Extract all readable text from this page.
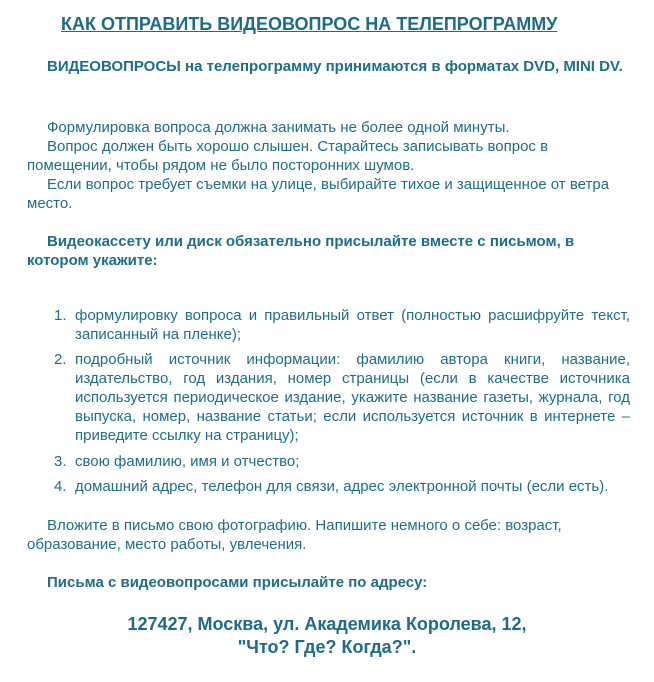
КАК ОТПРАВИТЬ ВИДЕОВОПРОС НА ТЕЛЕПРОГРАММУ
ВИДЕОВОПРОСЫ на телепрограмму принимаются в форматах DVD, MINI DV.
Формулировка вопроса должна занимать не более одной минуты.
Вопрос должен быть хорошо слышен. Старайтесь записывать вопрос в помещении, чтобы рядом не было посторонних шумов.
Если вопрос требует съемки на улице, выбирайте тихое и защищенное от ветра место.
Видеокассету или диск обязательно присылайте вместе с письмом, в котором укажите:
1. формулировку вопроса и правильный ответ (полностью расшифруйте текст, записанный на пленке);
2. подробный источник информации: фамилию автора книги, название, издательство, год издания, номер страницы (если в качестве источника используется периодическое издание, укажите название газеты, журнала, год выпуска, номер, название статьи; если используется источник в интернете – приведите ссылку на страницу);
3. свою фамилию, имя и отчество;
4. домашний адрес, телефон для связи, адрес электронной почты (если есть).
Вложите в письмо свою фотографию. Напишите немного о себе: возраст, образование, место работы, увлечения.
Письма с видеовопросами присылайте по адресу:
127427, Москва, ул. Академика Королева, 12,
"Что? Где? Когда?".
